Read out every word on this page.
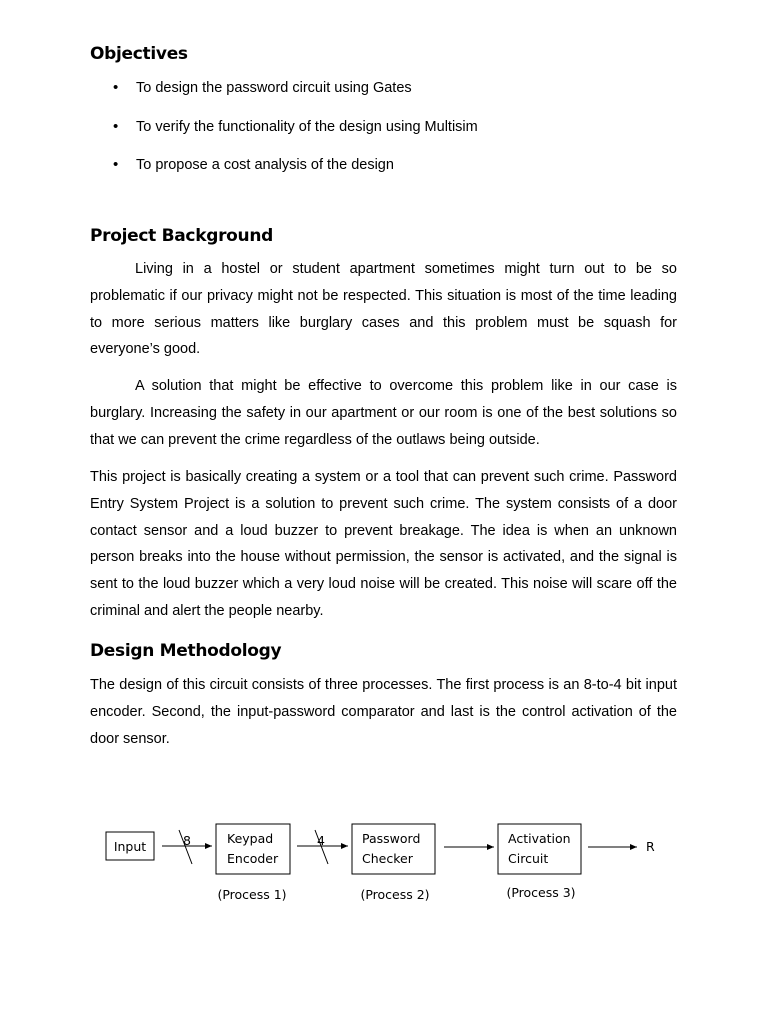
Objectives
• To design the password circuit using Gates
• To verify the functionality of the design using Multisim
• To propose a cost analysis of the design
Project Background

Living in a hostel or student apartment sometimes might turn out to be so problematic if our privacy might not be respected. This situation is most of the time leading to more serious matters like burglary cases and this problem must be squash for everyone’s good.

A solution that might be effective to overcome this problem like in our case is burglary. Increasing the safety in our apartment or our room is one of the best solutions so that we can prevent the crime regardless of the outlaws being outside.

This project is basically creating a system or a tool that can prevent such crime. Password Entry System Project is a solution to prevent such crime. The system consists of a door contact sensor and a loud buzzer to prevent breakage. The idea is when an unknown person breaks into the house without permission, the sensor is activated, and the signal is sent to the loud buzzer which a very loud noise will be created. This noise will scare off the criminal and alert the people nearby.

Design Methodology

The design of this circuit consists of three processes. The first process is an 8-to-4 bit input encoder. Second, the input-password comparator and last is the control activation of the door sensor.

Input	8	Keypad
Encoder
(Process 1)
4	Password
Checker
(Process 2)
Activation
Circuit
(Process 3)
R
